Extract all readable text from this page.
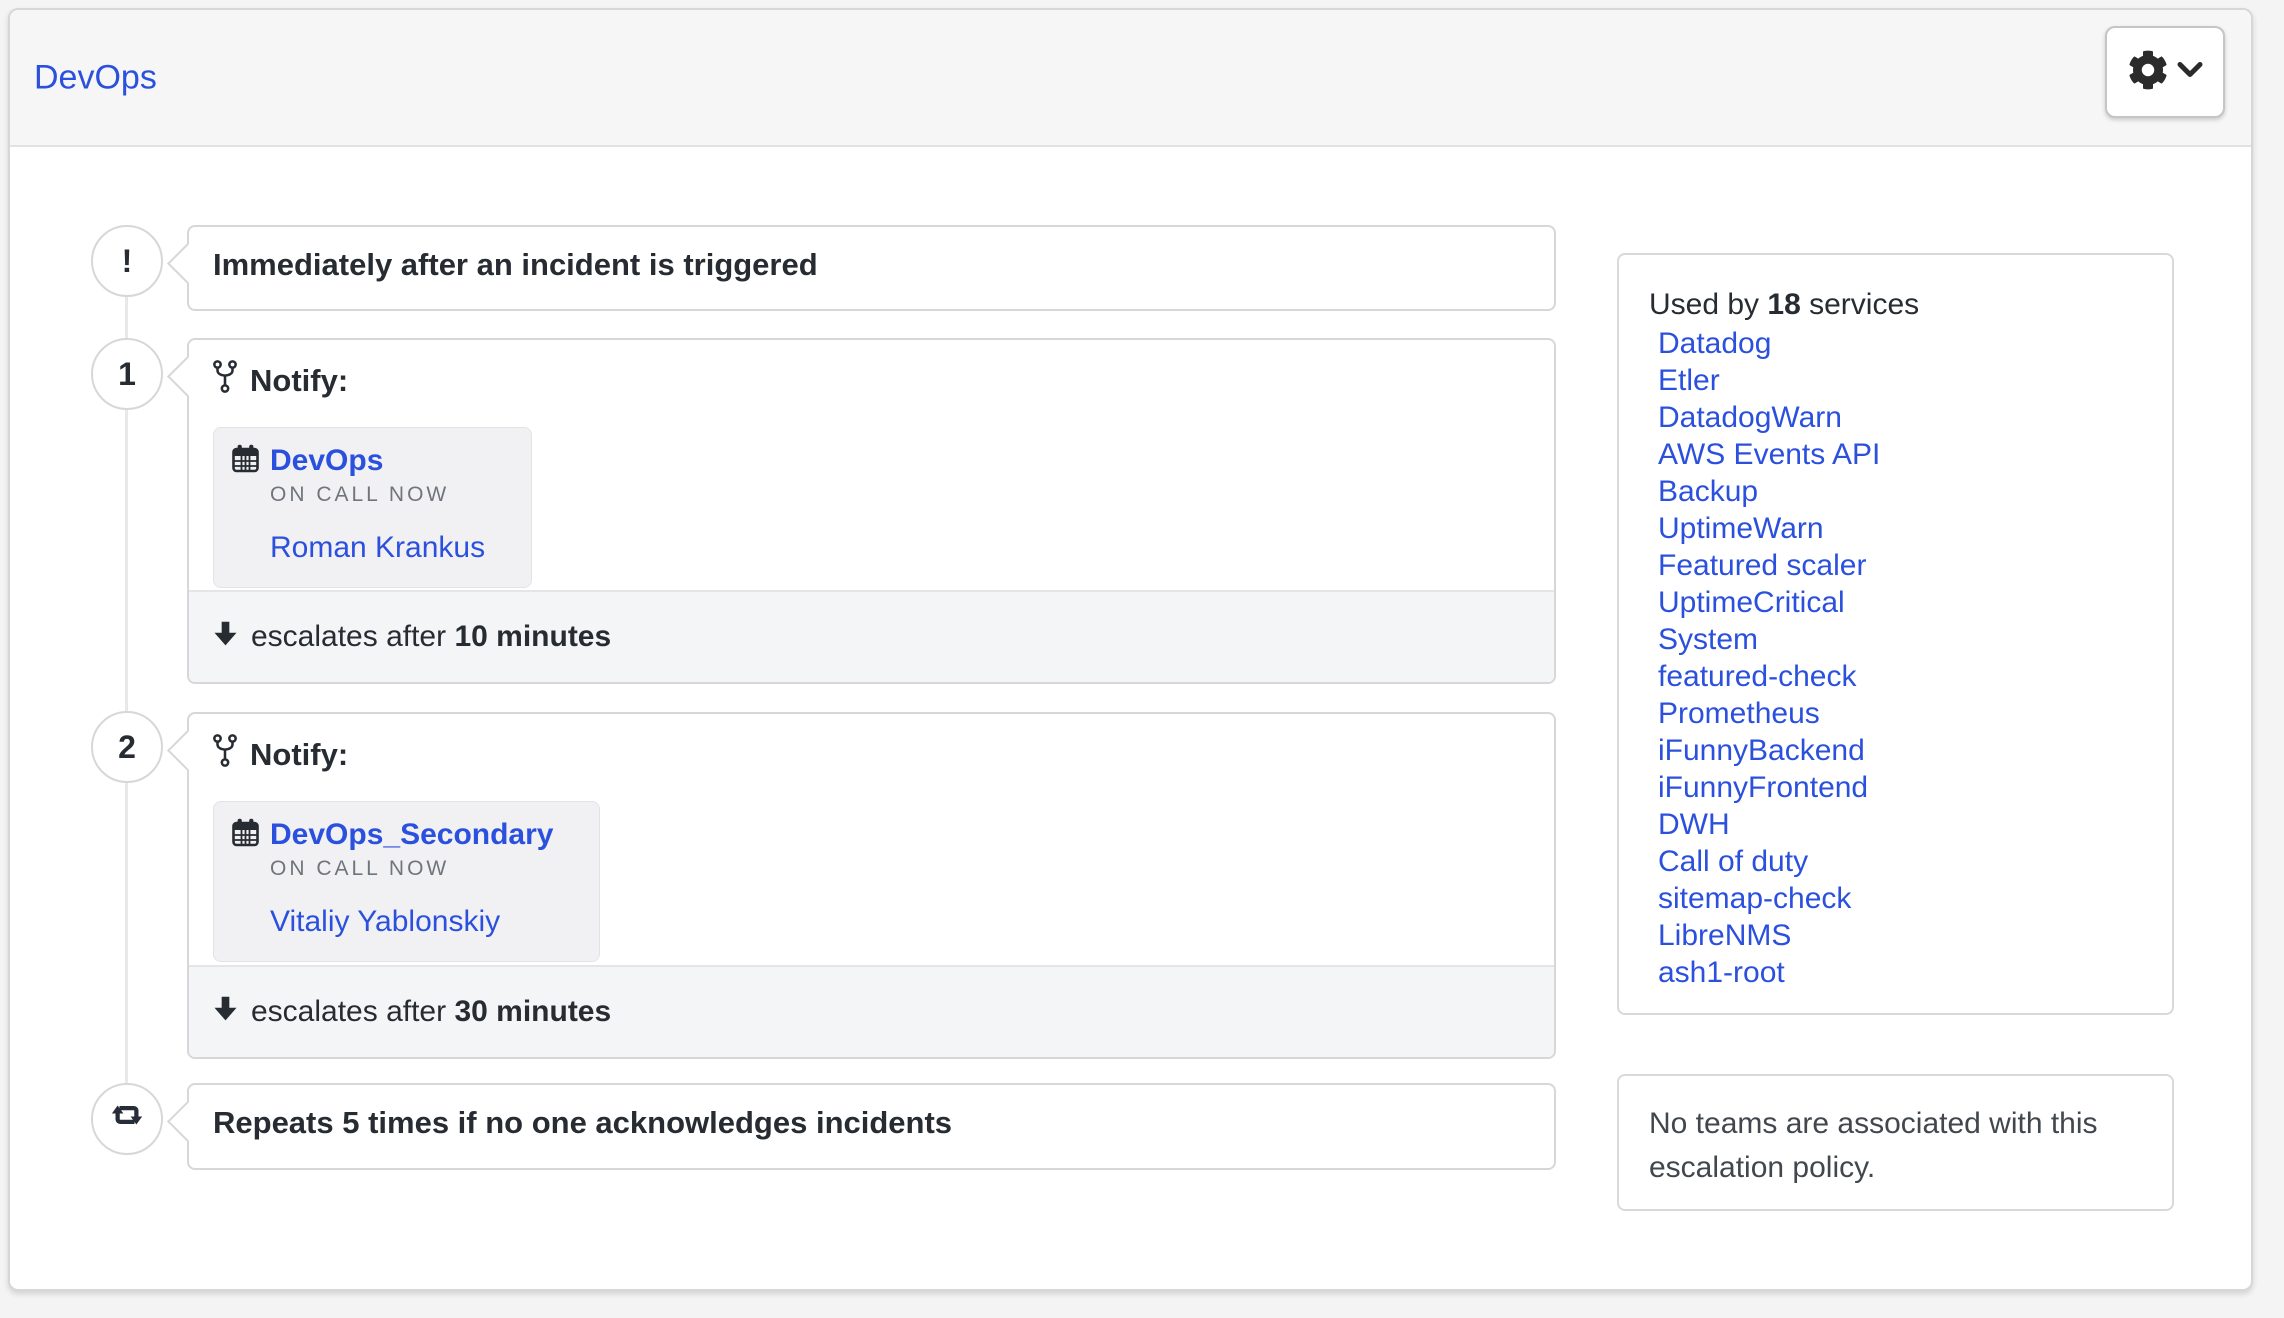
DevOps
!
1
2
Immediately after an incident is triggered
Notify:
DevOps
ON CALL NOW
Roman Krankus
escalates after 10 minutes
Notify:
DevOps_Secondary
ON CALL NOW
Vitaliy Yablonskiy
escalates after 30 minutes
Repeats 5 times if no one acknowledges incidents
Used by 18 services
Datadog
Etler
DatadogWarn
AWS Events API
Backup
UptimeWarn
Featured scaler
UptimeCritical
System
featured-check
Prometheus
iFunnyBackend
iFunnyFrontend
DWH
Call of duty
sitemap-check
LibreNMS
ash1-root
No teams are associated with this escalation policy.
